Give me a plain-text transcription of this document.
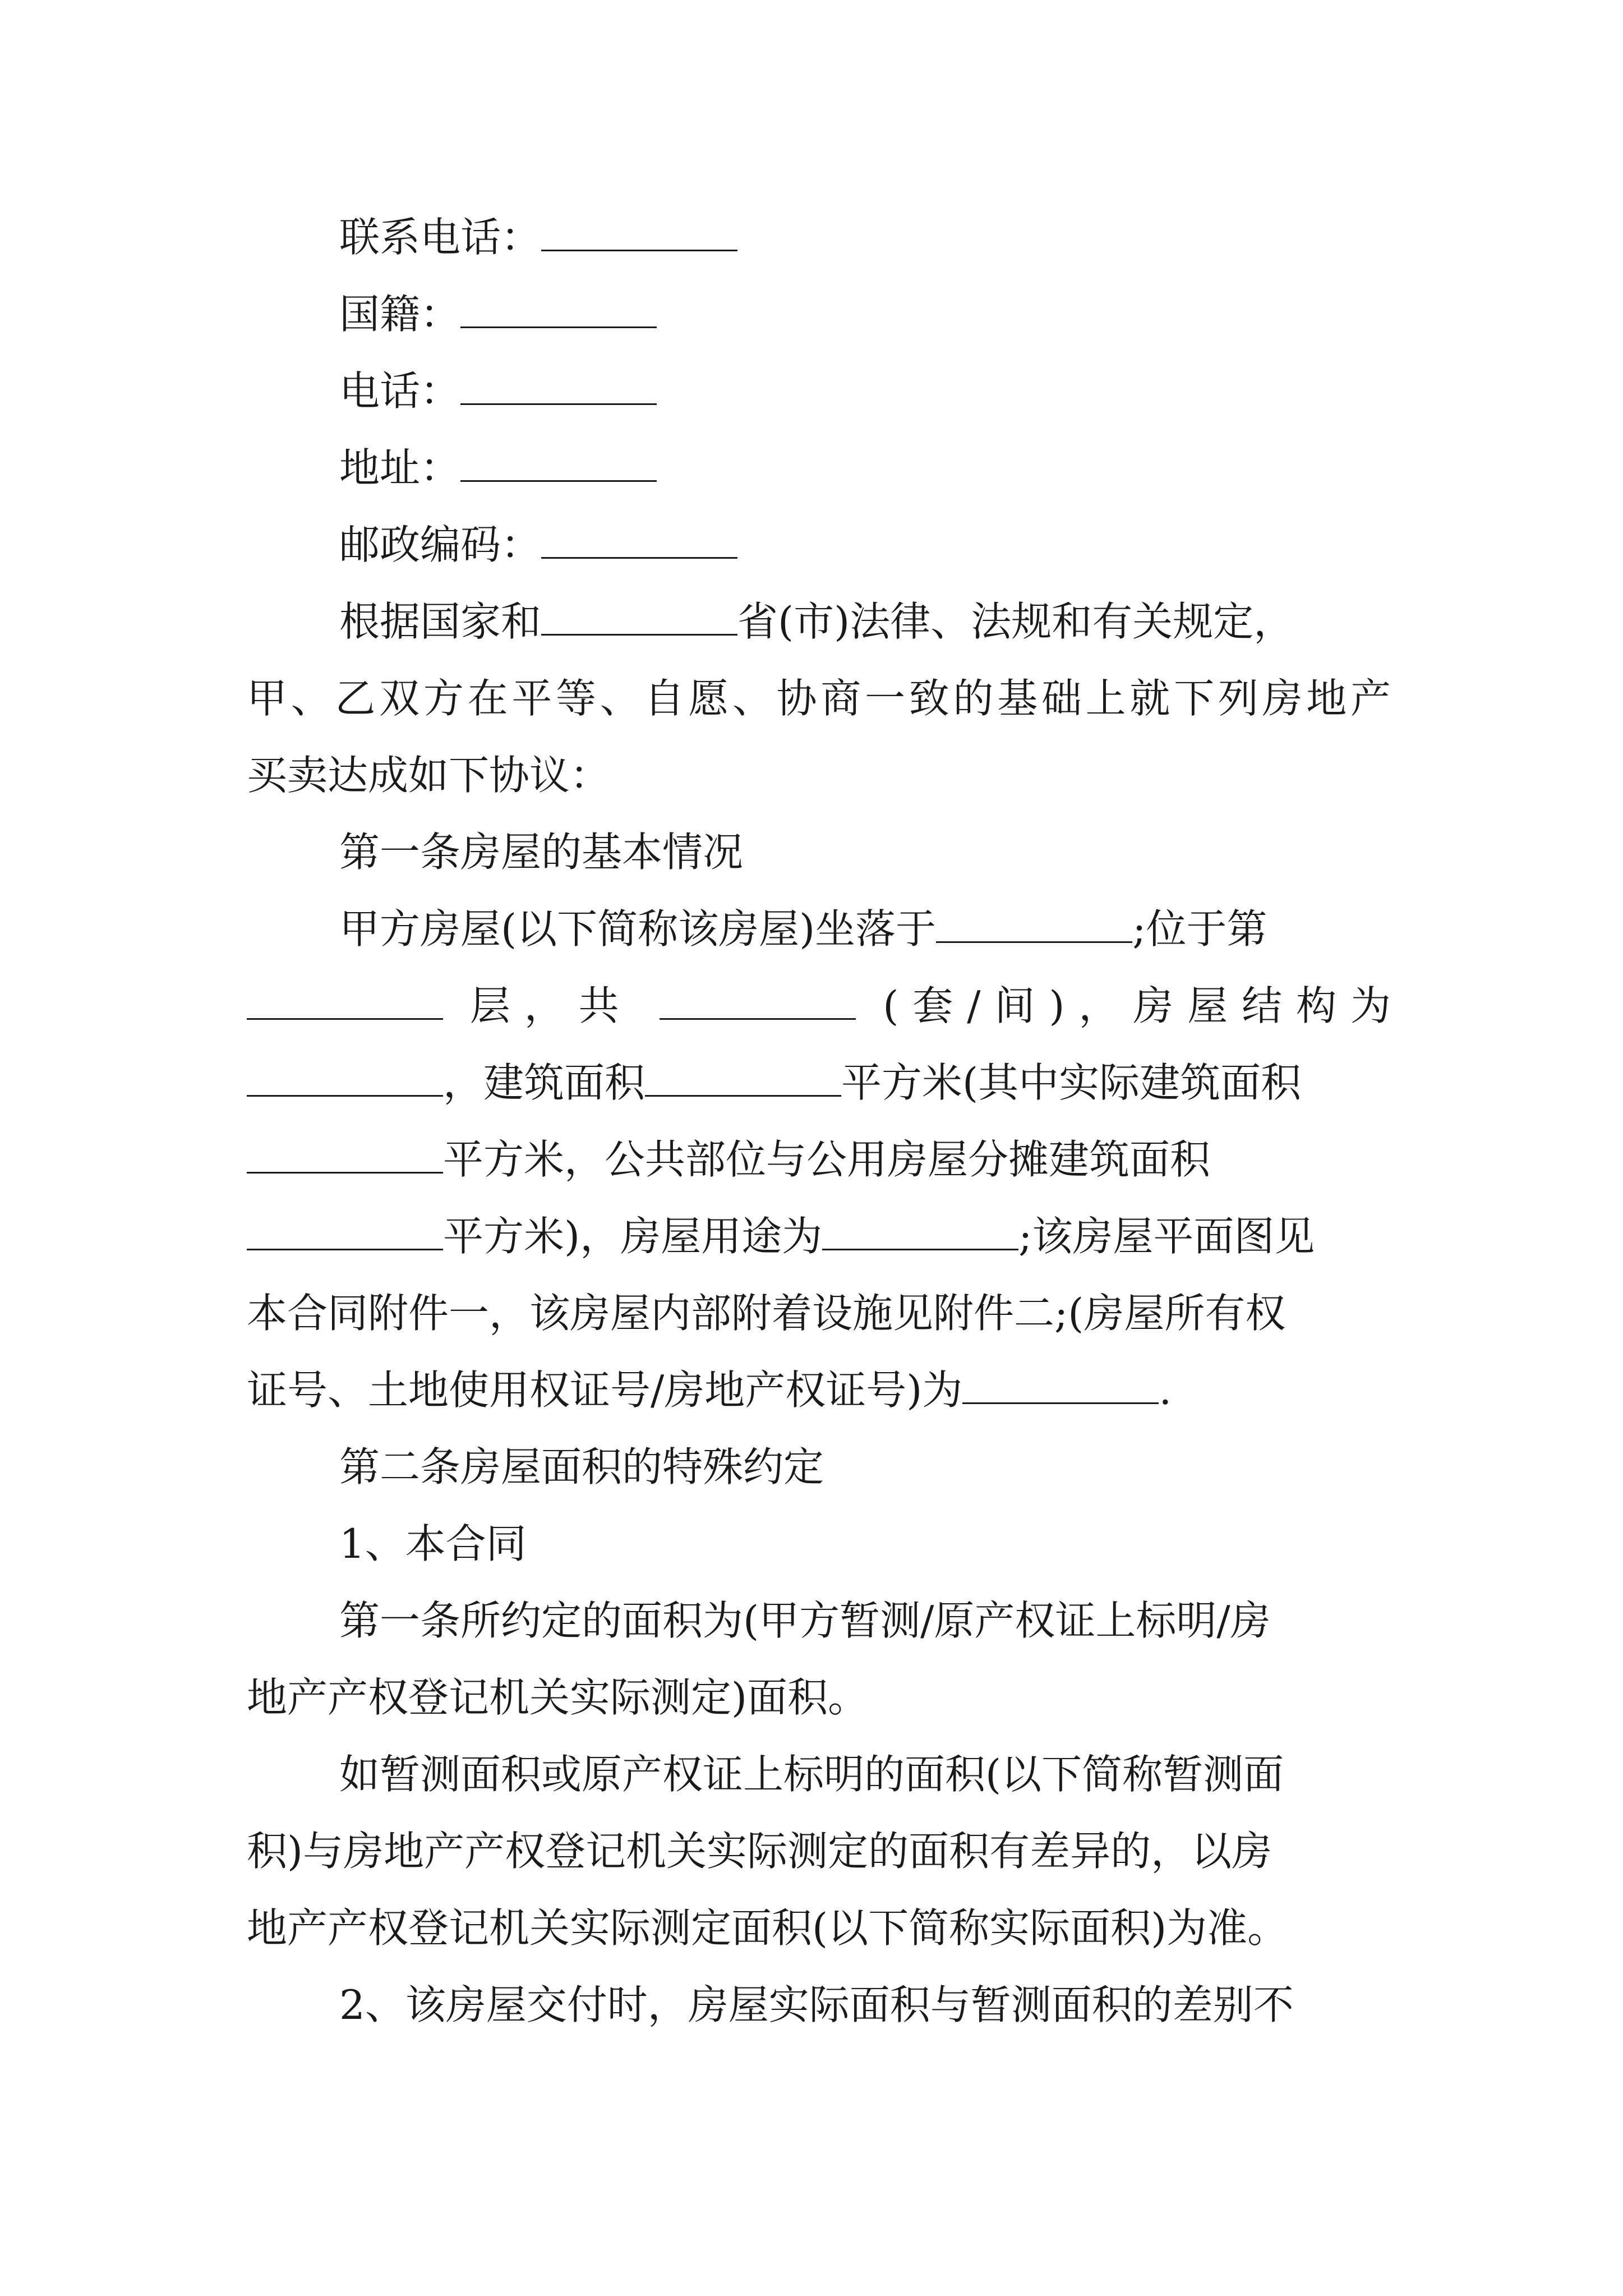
联系电话：

国籍：

电话：

地址：

邮政编码：

根据国家和	省(市)法律、法规和有关规定，

甲、乙双方在平等、自愿、协商一致的基础上就下列房地产

买卖达成如下协议：

第一条房屋的基本情况

甲方房屋(以下简称该房屋)坐落于	;位于第

层，共	(套/间)，房屋结构为

，建筑面积	平方米(其中实际建筑面积

平方米，公共部位与公用房屋分摊建筑面积

平方米)，房屋用途为	;该房屋平面图见

本合同附件一，该房屋内部附着设施见附件二;(房屋所有权

证号、土地使用权证号/房地产权证号)为	.

第二条房屋面积的特殊约定

1、本合同

第一条所约定的面积为(甲方暂测/原产权证上标明/房

地产产权登记机关实际测定)面积。

如暂测面积或原产权证上标明的面积(以下简称暂测面

积)与房地产产权登记机关实际测定的面积有差异的，以房

地产产权登记机关实际测定面积(以下简称实际面积)为准。

2、该房屋交付时，房屋实际面积与暂测面积的差别不
